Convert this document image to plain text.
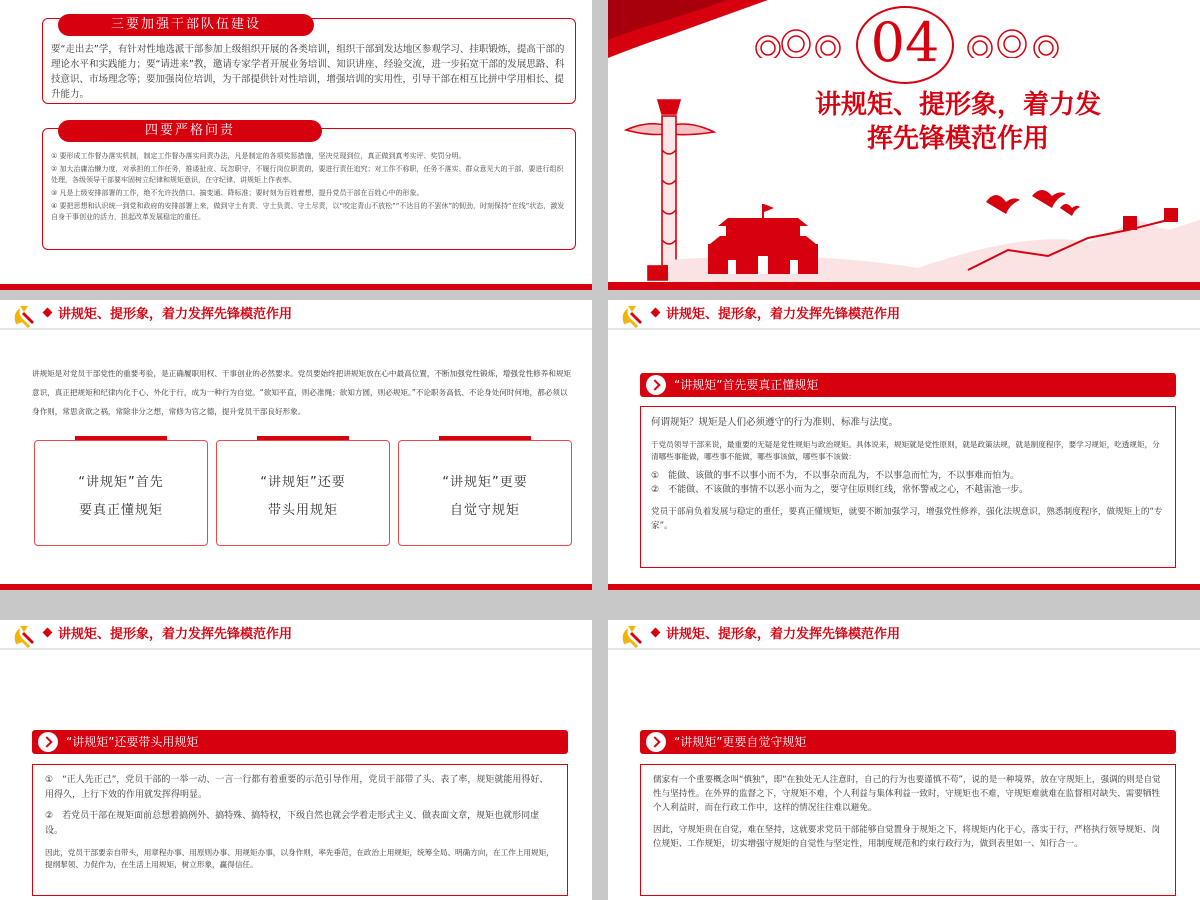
要“走出去”学，有针对性地选派干部参加上级组织开展的各类培训，组织干部到发达地区参观学习、挂职锻炼，提高干部的理论水平和实践能力；要“请进来”教，邀请专家学者开展业务培训、知识讲座、经验交流，进一步拓宽干部的发展思路、科技意识、市场理念等；要加强岗位培训，为干部提供针对性培训，增强培训的实用性，引导干部在相互比拼中学用相长、提升能力。
三要加强干部队伍建设
① 要形成工作督办落实机制，制定工作督办落实问责办法，凡是制定的各项奖惩措施，坚决兑现到位，真正做到真考实评、奖罚分明。
② 加大治庸治懒力度，对承担的工作任务，推诿扯皮、玩忽职守，不履行岗位职责的，要进行责任追究；对工作不称职，任务不落实、群众意见大的干部，要进行组织处理，各级领导干部要牢固树立纪律和规矩意识，在守纪律、讲规矩上作表率。
③ 凡是上级安排部署的工作，绝不允许找借口、搞变通、降标准；要时刻为百姓着想，提升党员干部在百姓心中的形象。
④ 要把思想和认识统一到党和政府的安排部署上来，做到守土有责、守土负责、守土尽责，以“咬定青山不放松”“不达目的不罢休”的韧劲，时刻保持“在线”状态，激发自身干事创业的活力，担起改革发展稳定的重任。
四要严格问责
04
讲规矩、提形象，着力发
挥先锋模范作用
讲规矩、提形象，着力发挥先锋模范作用
讲规矩是对党员干部党性的重要考验，是正确履职用权、干事创业的必然要求。党员要始终把讲规矩放在心中最高位置，不断加强党性锻炼，增强党性修养和规矩意识，真正把规矩和纪律内化于心、外化于行，成为一种行为自觉。“欲知平直，则必准绳；欲知方圆，则必规矩。”不论职务高低、不论身处何时何地，都必须以身作则，常思贪欲之祸，常除非分之想，常修为官之德，提升党员干部良好形象。
“讲规矩”首先
要真正懂规矩
“讲规矩”还要
带头用规矩
“讲规矩”更要
自觉守规矩
讲规矩、提形象，着力发挥先锋模范作用
“讲规矩”首先要真正懂规矩
何谓规矩？规矩是人们必须遵守的行为准则、标准与法度。
于党员领导干部来说，最重要的无疑是党性规矩与政治规矩。具体说来，规矩就是党性原则，就是政策法规，就是制度程序，要学习规矩，吃透规矩，分清哪些事能做，哪些事不能做，哪些事该做，哪些事不该做：
①　能做、该做的事不以事小而不为，不以事杂而乱为，不以事急而忙为，不以事难而怕为。
②　不能做、不该做的事情不以恶小而为之，要守住原则红线，常怀警戒之心，不越雷池一步。
党员干部肩负着发展与稳定的重任，要真正懂规矩，就要不断加强学习，增强党性修养，强化法规意识，熟悉制度程序，做规矩上的“专家”。
讲规矩、提形象，着力发挥先锋模范作用
“讲规矩”还要带头用规矩
①　“正人先正己”，党员干部的一举一动、一言一行都有着重要的示范引导作用，党员干部带了头、表了率，规矩就能用得好、用得久，上行下效的作用就发挥得明显。
②　若党员干部在规矩面前总想着搞例外、搞特殊、搞特权，下级自然也就会学着走形式主义、做表面文章，规矩也就形同虚设。
因此，党员干部要亲自带头，用章程办事、用原则办事、用规矩办事，以身作则，率先垂范，在政治上用规矩，统筹全局、明确方向，在工作上用规矩，提纲挈领、力促作为，在生活上用规矩，树立形象，赢得信任。
讲规矩、提形象，着力发挥先锋模范作用
“讲规矩”更要自觉守规矩
儒家有一个重要概念叫“慎独”，即“在独处无人注意时，自己的行为也要谨慎不苟”，说的是一种境界，放在守规矩上，强调的则是自觉性与坚持性。在外界的监督之下，守规矩不难，个人利益与集体利益一致时，守规矩也不难，守规矩难就难在监督相对缺失、需要牺牲个人利益时，而在行政工作中，这样的情况往往难以避免。
因此，守规矩贵在自觉，难在坚持，这就要求党员干部能够自觉置身于规矩之下，将规矩内化于心，落实于行，严格执行领导规矩、岗位规矩、工作规矩，切实增强守规矩的自觉性与坚定性，用制度规范和约束行政行为，做到表里如一、知行合一。
